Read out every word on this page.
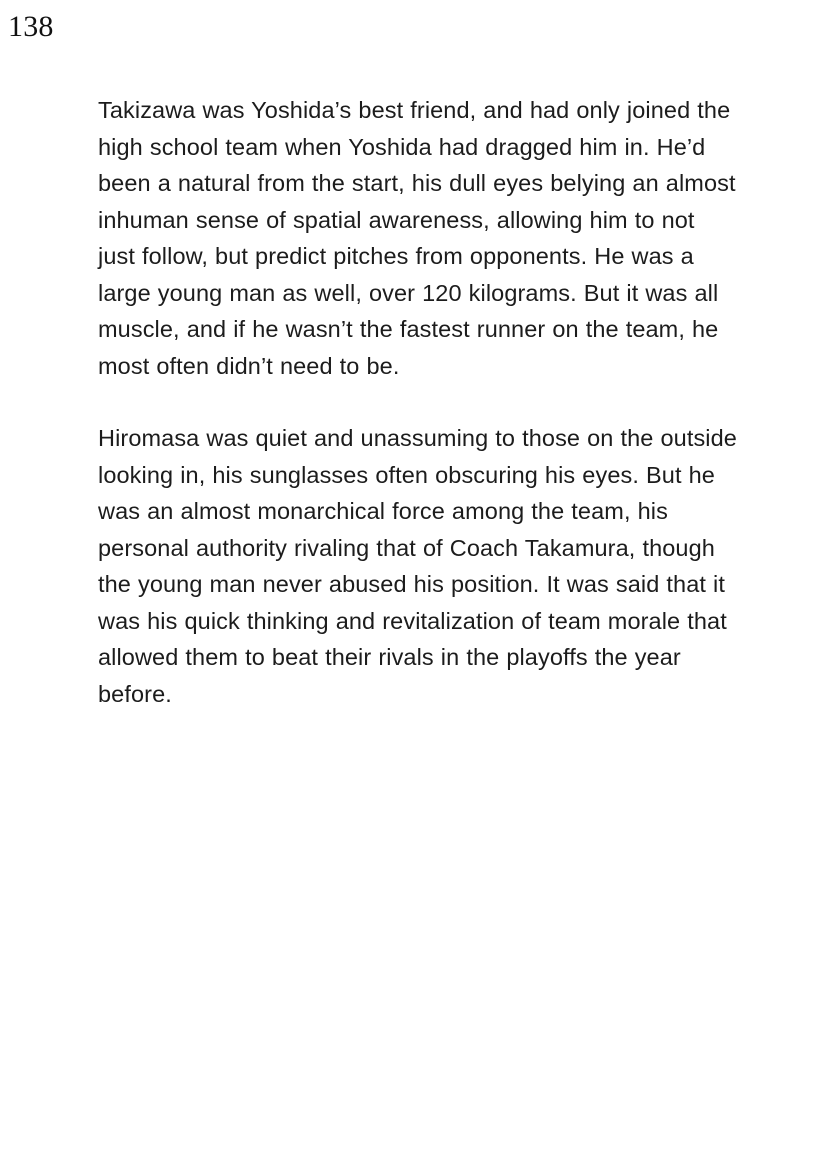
138

Takizawa was Yoshida’s best friend, and had only joined the high school team when Yoshida had dragged him in. He’d been a natural from the start, his dull eyes belying an almost inhuman sense of spatial awareness, allowing him to not just follow, but predict pitches from opponents. He was a large young man as well, over 120 kilograms. But it was all muscle, and if he wasn’t the fastest runner on the team, he most often didn’t need to be.

Hiromasa was quiet and unassuming to those on the outside looking in, his sunglasses often obscuring his eyes. But he was an almost monarchical force among the team, his personal authority rivaling that of Coach Takamura, though the young man never abused his position. It was said that it was his quick thinking and revitalization of team morale that allowed them to beat their rivals in the playoffs the year before.
